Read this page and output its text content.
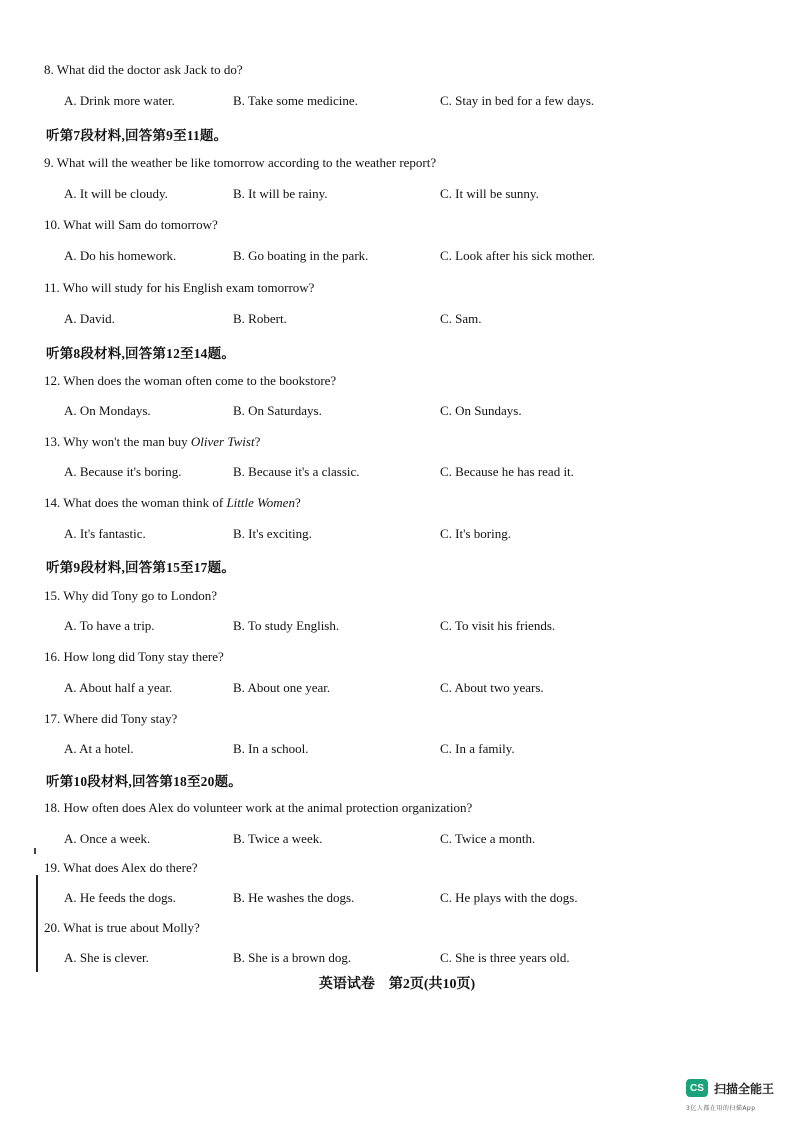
8. What did the doctor ask Jack to do?
A. Drink more water.	B. Take some medicine.	C. Stay in bed for a few days.
听第7段材料,回答第9至11题。
9. What will the weather be like tomorrow according to the weather report?
A. It will be cloudy.	B. It will be rainy.	C. It will be sunny.
10. What will Sam do tomorrow?
A. Do his homework.	B. Go boating in the park.	C. Look after his sick mother.
11. Who will study for his English exam tomorrow?
A. David.	B. Robert.	C. Sam.
听第8段材料,回答第12至14题。
12. When does the woman often come to the bookstore?
A. On Mondays.	B. On Saturdays.	C. On Sundays.
13. Why won't the man buy Oliver Twist?
A. Because it's boring.	B. Because it's a classic.	C. Because he has read it.
14. What does the woman think of Little Women?
A. It's fantastic.	B. It's exciting.	C. It's boring.
听第9段材料,回答第15至17题。
15. Why did Tony go to London?
A. To have a trip.	B. To study English.	C. To visit his friends.
16. How long did Tony stay there?
A. About half a year.	B. About one year.	C. About two years.
17. Where did Tony stay?
A. At a hotel.	B. In a school.	C. In a family.
听第10段材料,回答第18至20题。
18. How often does Alex do volunteer work at the animal protection organization?
A. Once a week.	B. Twice a week.	C. Twice a month.
19. What does Alex do there?
A. He feeds the dogs.	B. He washes the dogs.	C. He plays with the dogs.
20. What is true about Molly?
A. She is clever.	B. She is a brown dog.	C. She is three years old.
英语试卷　第2页(共10页)
CS 扫描全能王
3亿人都在用的扫描App
